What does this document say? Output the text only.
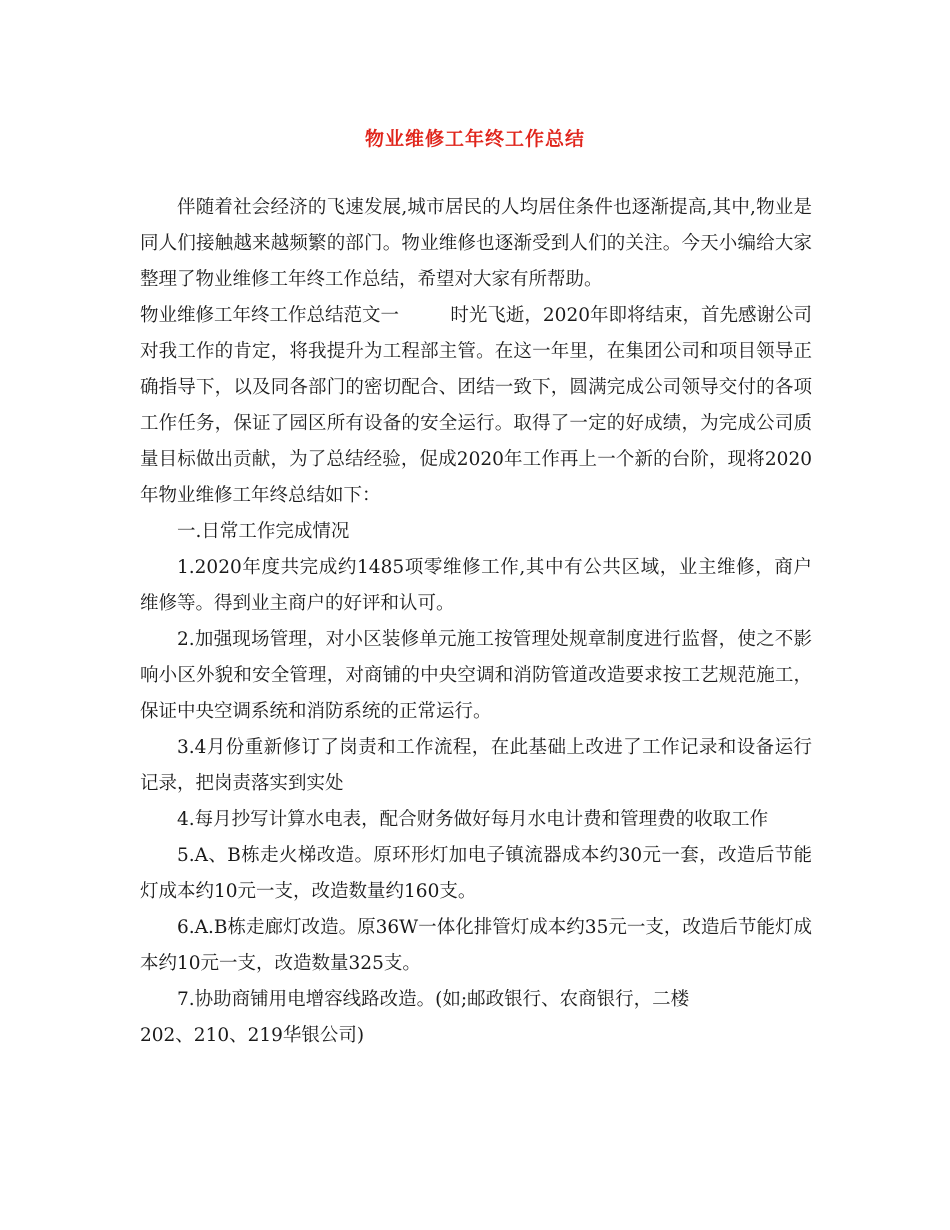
物业维修工年终工作总结

伴随着社会经济的飞速发展,城市居民的人均居住条件也逐渐提高,其中,物业是同人们接触越来越频繁的部门。物业维修也逐渐受到人们的关注。今天小编给大家整理了物业维修工年终工作总结，希望对大家有所帮助。

物业维修工年终工作总结范文一	时光飞逝，2020年即将结束，首先感谢公司

对我工作的肯定，将我提升为工程部主管。在这一年里，在集团公司和项目领导正确指导下，以及同各部门的密切配合、团结一致下，圆满完成公司领导交付的各项工作任务，保证了园区所有设备的安全运行。取得了一定的好成绩，为完成公司质量目标做出贡献，为了总结经验，促成2020年工作再上一个新的台阶，现将2020年物业维修工年终总结如下：

一.日常工作完成情况

1.2020年度共完成约1485项零维修工作,其中有公共区域，业主维修，商户维修等。得到业主商户的好评和认可。

2.加强现场管理，对小区装修单元施工按管理处规章制度进行监督，使之不影响小区外貌和安全管理，对商铺的中央空调和消防管道改造要求按工艺规范施工，保证中央空调系统和消防系统的正常运行。

3.4月份重新修订了岗责和工作流程，在此基础上改进了工作记录和设备运行记录，把岗责落实到实处

4.每月抄写计算水电表，配合财务做好每月水电计费和管理费的收取工作

5.A、B栋走火梯改造。原环形灯加电子镇流器成本约30元一套，改造后节能灯成本约10元一支，改造数量约160支。

6.A.B栋走廊灯改造。原36W一体化排管灯成本约35元一支，改造后节能灯成本约10元一支，改造数量325支。

7.协助商铺用电增容线路改造。(如;邮政银行、农商银行，二楼

202、210、219华银公司)
